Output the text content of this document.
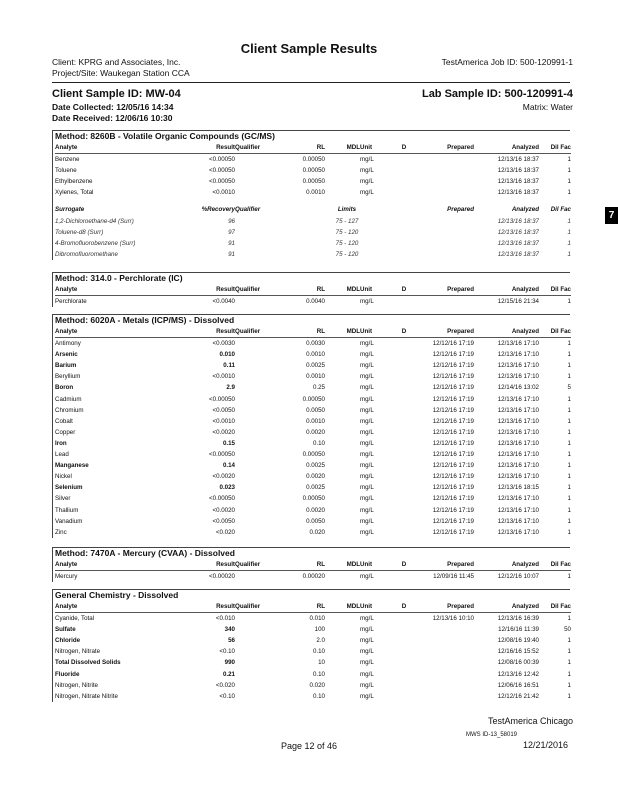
Client Sample Results
Client: KPRG and Associates, Inc.
Project/Site: Waukegan Station CCA
TestAmerica Job ID: 500-120991-1
Client Sample ID: MW-04	Lab Sample ID: 500-120991-4
Date Collected: 12/05/16 14:34
Date Received: 12/06/16 10:30
Matrix: Water
7
Method: 8260B - Volatile Organic Compounds (GC/MS)
Analyte	Result	Qualifier	RL	MDL	Unit	D	Prepared	Analyzed	Dil Fac
Benzene	<0.00050		0.00050		mg/L			12/13/16 18:37	1
Toluene	<0.00050		0.00050		mg/L			12/13/16 18:37	1
Ethylbenzene	<0.00050		0.00050		mg/L			12/13/16 18:37	1
Xylenes, Total	<0.0010		0.0010		mg/L			12/13/16 18:37	1
Surrogate	%Recovery	Qualifier	Limits	Prepared	Analyzed	Dil Fac
1,2-Dichloroethane-d4 (Surr)	96		75 - 127		12/13/16 18:37	1
Toluene-d8 (Surr)	97		75 - 120		12/13/16 18:37	1
4-Bromofluorobenzene (Surr)	91		75 - 120		12/13/16 18:37	1
Dibromofluoromethane	91		75 - 120		12/13/16 18:37	1
Method: 314.0 - Perchlorate (IC)
Analyte	Result	Qualifier	RL	MDL	Unit	D	Prepared	Analyzed	Dil Fac
Perchlorate	<0.0040		0.0040		mg/L			12/15/16 21:34	1
Method: 6020A - Metals (ICP/MS) - Dissolved
Analyte	Result	Qualifier	RL	MDL	Unit	D	Prepared	Analyzed	Dil Fac
Antimony	<0.0030		0.0030		mg/L		12/12/16 17:19	12/13/16 17:10	1
Arsenic	0.010		0.0010		mg/L		12/12/16 17:19	12/13/16 17:10	1
Barium	0.11		0.0025		mg/L		12/12/16 17:19	12/13/16 17:10	1
Beryllium	<0.0010		0.0010		mg/L		12/12/16 17:19	12/13/16 17:10	1
Boron	2.9		0.25		mg/L		12/12/16 17:19	12/14/16 13:02	5
Cadmium	<0.00050		0.00050		mg/L		12/12/16 17:19	12/13/16 17:10	1
Chromium	<0.0050		0.0050		mg/L		12/12/16 17:19	12/13/16 17:10	1
Cobalt	<0.0010		0.0010		mg/L		12/12/16 17:19	12/13/16 17:10	1
Copper	<0.0020		0.0020		mg/L		12/12/16 17:19	12/13/16 17:10	1
Iron	0.15		0.10		mg/L		12/12/16 17:19	12/13/16 17:10	1
Lead	<0.00050		0.00050		mg/L		12/12/16 17:19	12/13/16 17:10	1
Manganese	0.14		0.0025		mg/L		12/12/16 17:19	12/13/16 17:10	1
Nickel	<0.0020		0.0020		mg/L		12/12/16 17:19	12/13/16 17:10	1
Selenium	0.023		0.0025		mg/L		12/12/16 17:19	12/13/16 18:15	1
Silver	<0.00050		0.00050		mg/L		12/12/16 17:19	12/13/16 17:10	1
Thallium	<0.0020		0.0020		mg/L		12/12/16 17:19	12/13/16 17:10	1
Vanadium	<0.0050		0.0050		mg/L		12/12/16 17:19	12/13/16 17:10	1
Zinc	<0.020		0.020		mg/L		12/12/16 17:19	12/13/16 17:10	1
Method: 7470A - Mercury (CVAA) - Dissolved
Analyte	Result	Qualifier	RL	MDL	Unit	D	Prepared	Analyzed	Dil Fac
Mercury	<0.00020		0.00020		mg/L		12/09/16 11:45	12/12/16 10:07	1
General Chemistry - Dissolved
Analyte	Result	Qualifier	RL	MDL	Unit	D	Prepared	Analyzed	Dil Fac
Cyanide, Total	<0.010		0.010		mg/L		12/13/16 10:10	12/13/16 16:39	1
Sulfate	340		100		mg/L			12/16/16 11:39	50
Chloride	56		2.0		mg/L			12/08/16 19:40	1
Nitrogen, Nitrate	<0.10		0.10		mg/L			12/16/16 15:52	1
Total Dissolved Solids	990		10		mg/L			12/08/16 00:39	1
Fluoride	0.21		0.10		mg/L			12/13/16 12:42	1
Nitrogen, Nitrite	<0.020		0.020		mg/L			12/06/16 16:51	1
Nitrogen, Nitrate Nitrite	<0.10		0.10		mg/L			12/12/16 21:42	1
TestAmerica Chicago
MWS ID-13_58019
Page 12 of 46	12/21/2016
